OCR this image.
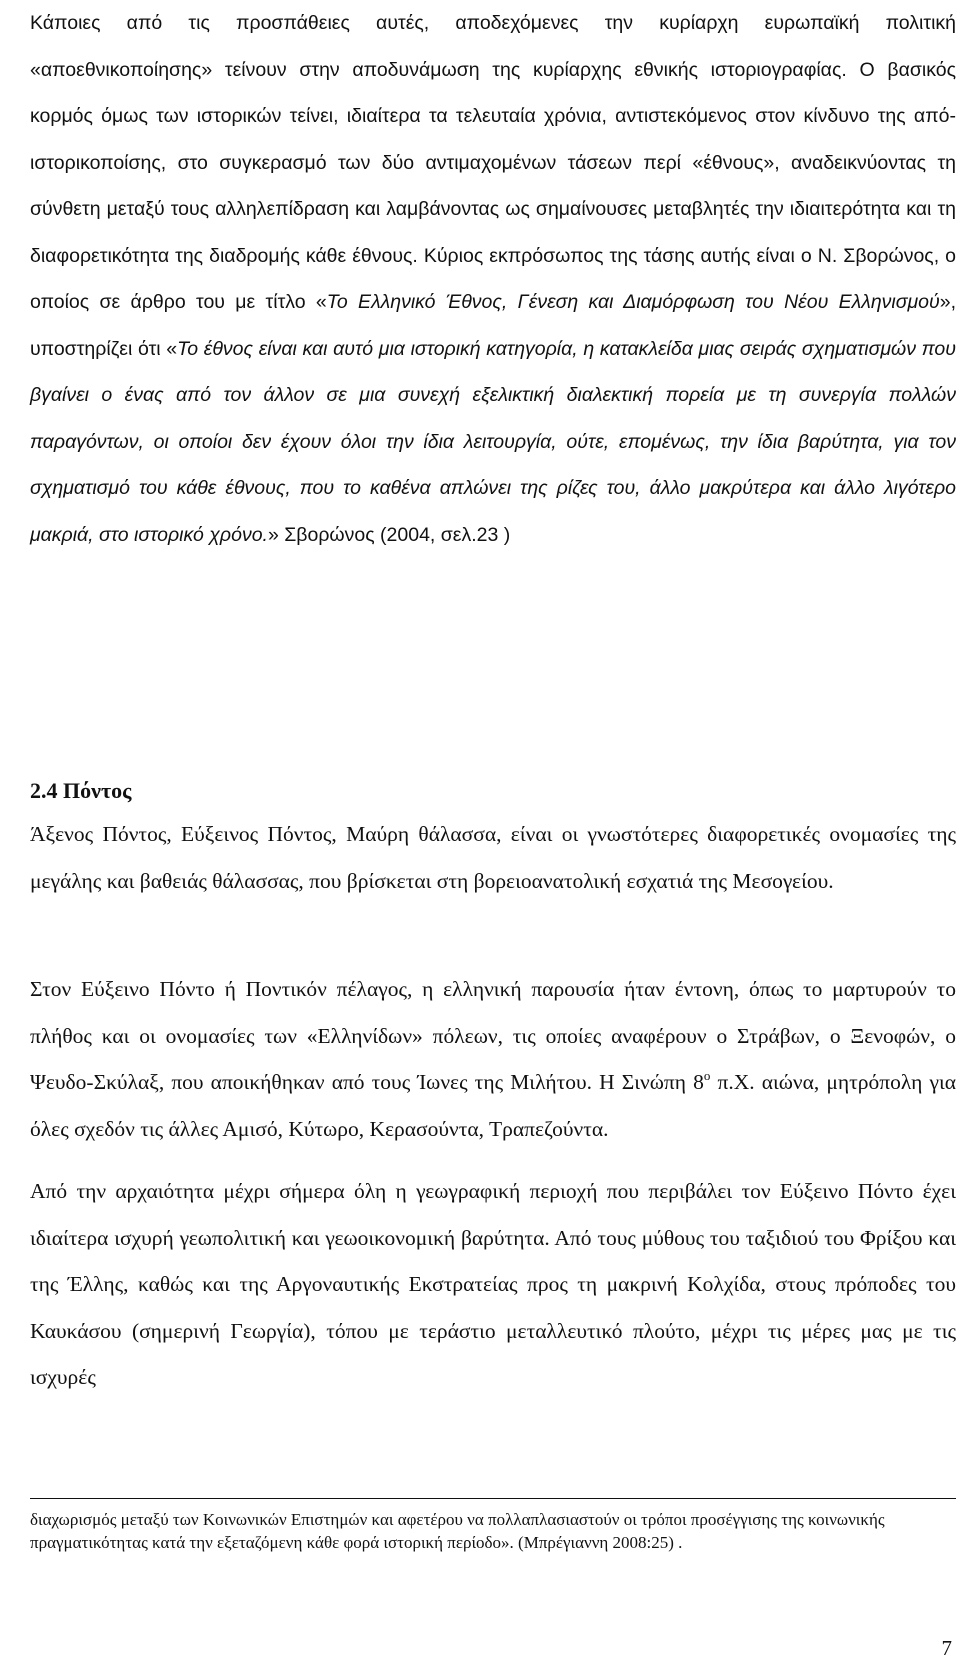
Κάποιες από τις προσπάθειες αυτές, αποδεχόμενες την κυρίαρχη ευρωπαϊκή πολιτική «αποεθνικοποίησης» τείνουν στην αποδυνάμωση της κυρίαρχης εθνικής ιστοριογραφίας. Ο βασικός κορμός όμως των ιστορικών τείνει, ιδιαίτερα τα τελευταία χρόνια, αντιστεκόμενος στον κίνδυνο της από-ιστορικοποίσης, στο συγκερασμό των δύο αντιμαχομένων τάσεων περί «έθνους», αναδεικνύοντας τη σύνθετη μεταξύ τους αλληλεπίδραση και λαμβάνοντας ως σημαίνουσες μεταβλητές την ιδιαιτερότητα και τη διαφορετικότητα της διαδρομής κάθε έθνους. Κύριος εκπρόσωπος της τάσης αυτής είναι ο Ν. Σβορώνος, ο οποίος σε άρθρο του με τίτλο «Το Ελληνικό Έθνος, Γένεση και Διαμόρφωση του Νέου Ελληνισμού», υποστηρίζει ότι «Το έθνος είναι και αυτό μια ιστορική κατηγορία, η κατακλείδα μιας σειράς σχηματισμών που βγαίνει ο ένας από τον άλλον σε μια συνεχή εξελικτική διαλεκτική πορεία με τη συνεργία πολλών παραγόντων, οι οποίοι δεν έχουν όλοι την ίδια λειτουργία, ούτε, επομένως, την ίδια βαρύτητα, για τον σχηματισμό του κάθε έθνους, που το καθένα απλώνει της ρίζες του, άλλο μακρύτερα και άλλο λιγότερο μακριά, στο ιστορικό χρόνο.» Σβορώνος (2004, σελ.23 )

2.4 Πόντος

Άξενος Πόντος, Εύξεινος Πόντος, Μαύρη θάλασσα, είναι οι γνωστότερες διαφορετικές ονομασίες της μεγάλης και βαθειάς θάλασσας, που βρίσκεται στη βορειοανατολική εσχατιά της Μεσογείου.

Στον Εύξεινο Πόντο ή Ποντικόν πέλαγος, η ελληνική παρουσία ήταν έντονη, όπως το μαρτυρούν το πλήθος και οι ονομασίες των «Ελληνίδων» πόλεων, τις οποίες αναφέρουν ο Στράβων, ο Ξενοφών, ο Ψευδο-Σκύλαξ, που αποικήθηκαν από τους Ίωνες της Μιλήτου. Η Σινώπη $8^o$ π.Χ. αιώνα, μητρόπολη για όλες σχεδόν τις άλλες Αμισό, Κύτωρο, Κερασούντα, Τραπεζούντα.

Από την αρχαιότητα μέχρι σήμερα όλη η γεωγραφική περιοχή που περιβάλει τον Εύξεινο Πόντο έχει ιδιαίτερα ισχυρή γεωπολιτική και γεωοικονομική βαρύτητα. Από τους μύθους του ταξιδιού του Φρίξου και της Έλλης, καθώς και της Αργοναυτικής Εκστρατείας προς τη μακρινή Κολχίδα, στους πρόποδες του Καυκάσου (σημερινή Γεωργία), τόπου με τεράστιο μεταλλευτικό πλούτο, μέχρι τις μέρες μας με τις ισχυρές

διαχωρισμός μεταξύ των Κοινωνικών Επιστημών και αφετέρου να πολλαπλασιαστούν οι τρόποι προσέγγισης της κοινωνικής πραγματικότητας κατά την εξεταζόμενη κάθε φορά ιστορική περίοδο». (Μπρέγιαννη 2008:25) .

7
